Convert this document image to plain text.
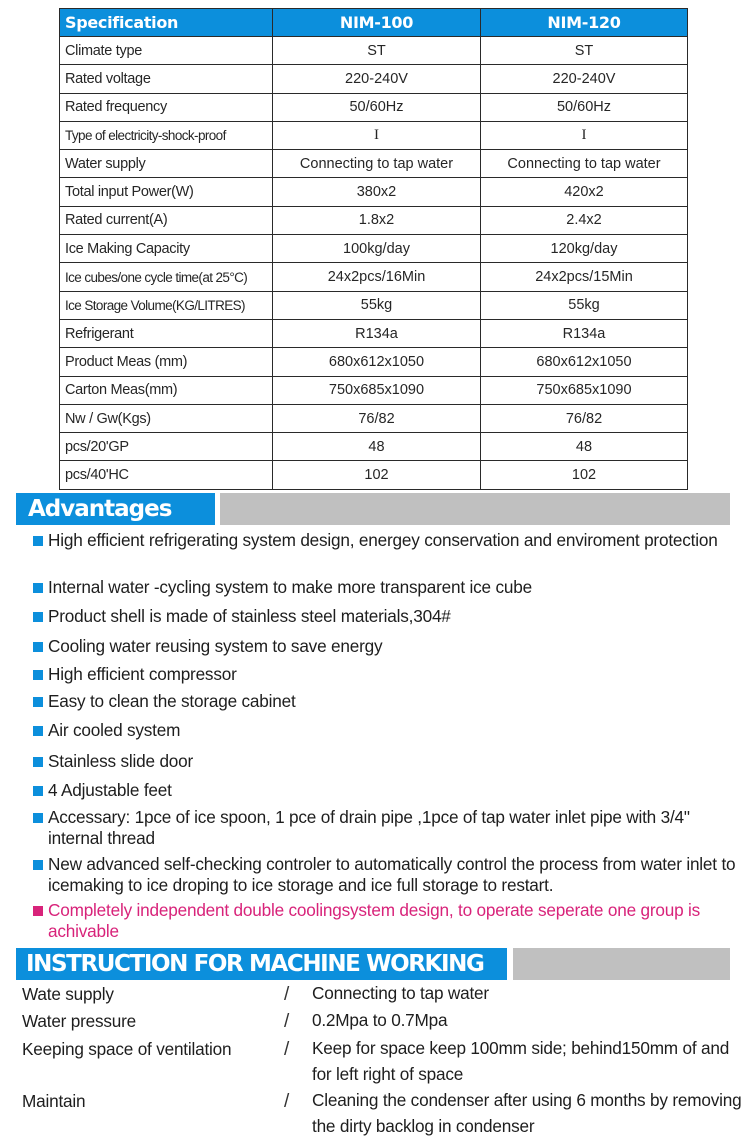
Specification	NIM-100	NIM-120
Climate type	ST	ST
Rated voltage	220-240V	220-240V
Rated frequency	50/60Hz	50/60Hz
Type of electricity-shock-proof	I	I
Water supply	Connecting to tap water	Connecting to tap water
Total input Power(W)	380x2	420x2
Rated current(A)	1.8x2	2.4x2
Ice Making Capacity	100kg/day	120kg/day
Ice cubes/one cycle time(at 25°C)	24x2pcs/16Min	24x2pcs/15Min
Ice Storage Volume(KG/LITRES)	55kg	55kg
Refrigerant	R134a	R134a
Product Meas (mm)	680x612x1050	680x612x1050
Carton Meas(mm)	750x685x1090	750x685x1090
Nw / Gw(Kgs)	76/82	76/82
pcs/20'GP	48	48
pcs/40'HC	102	102
Advantages
High efficient refrigerating system design, energey conservation and enviroment protection
Internal water -cycling system to make more transparent ice cube
Product shell is made of stainless steel materials,304#
Cooling water reusing system to save energy
High efficient compressor
Easy to clean the storage cabinet
Air cooled system
Stainless slide door
4 Adjustable feet
Accessary: 1pce of ice spoon, 1 pce of drain pipe ,1pce of tap water inlet pipe with 3/4" internal thread
New advanced self-checking controler to automatically control the process from water inlet to icemaking to ice droping to ice storage and ice full storage to restart.
Completely independent double coolingsystem design, to operate seperate one group is achivable
INSTRUCTION FOR MACHINE WORKING
Wate supply	/ Connecting to tap water
Water pressure	/ 0.2Mpa to 0.7Mpa
Keeping space of ventilation	/ Keep for space keep 100mm side; behind150mm of and for left right of space
Maintain	/ Cleaning the condenser after using 6 months by removing the dirty backlog in condenser
